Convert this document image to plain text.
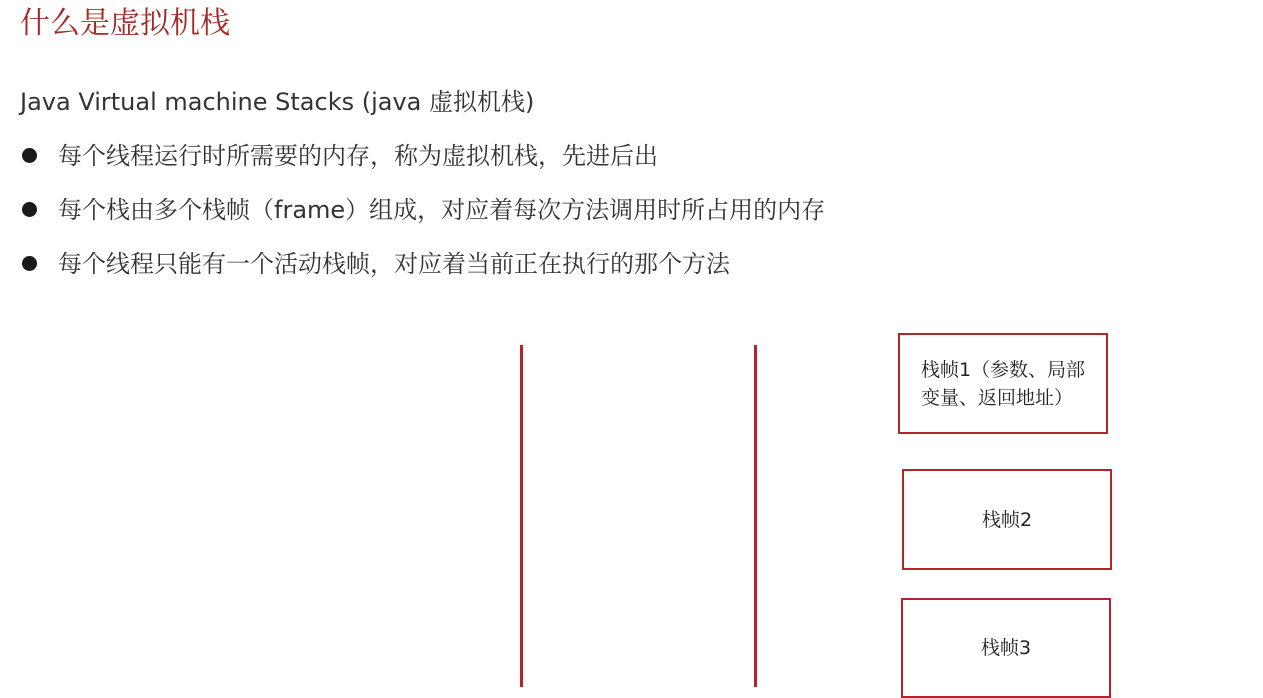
什么是虚拟机栈
Java Virtual machine Stacks (java 虚拟机栈)
每个线程运行时所需要的内存，称为虚拟机栈，先进后出
每个栈由多个栈帧（frame）组成，对应着每次方法调用时所占用的内存
每个线程只能有一个活动栈帧，对应着当前正在执行的那个方法
栈帧1（参数、局部
变量、返回地址）
栈帧2
栈帧3
